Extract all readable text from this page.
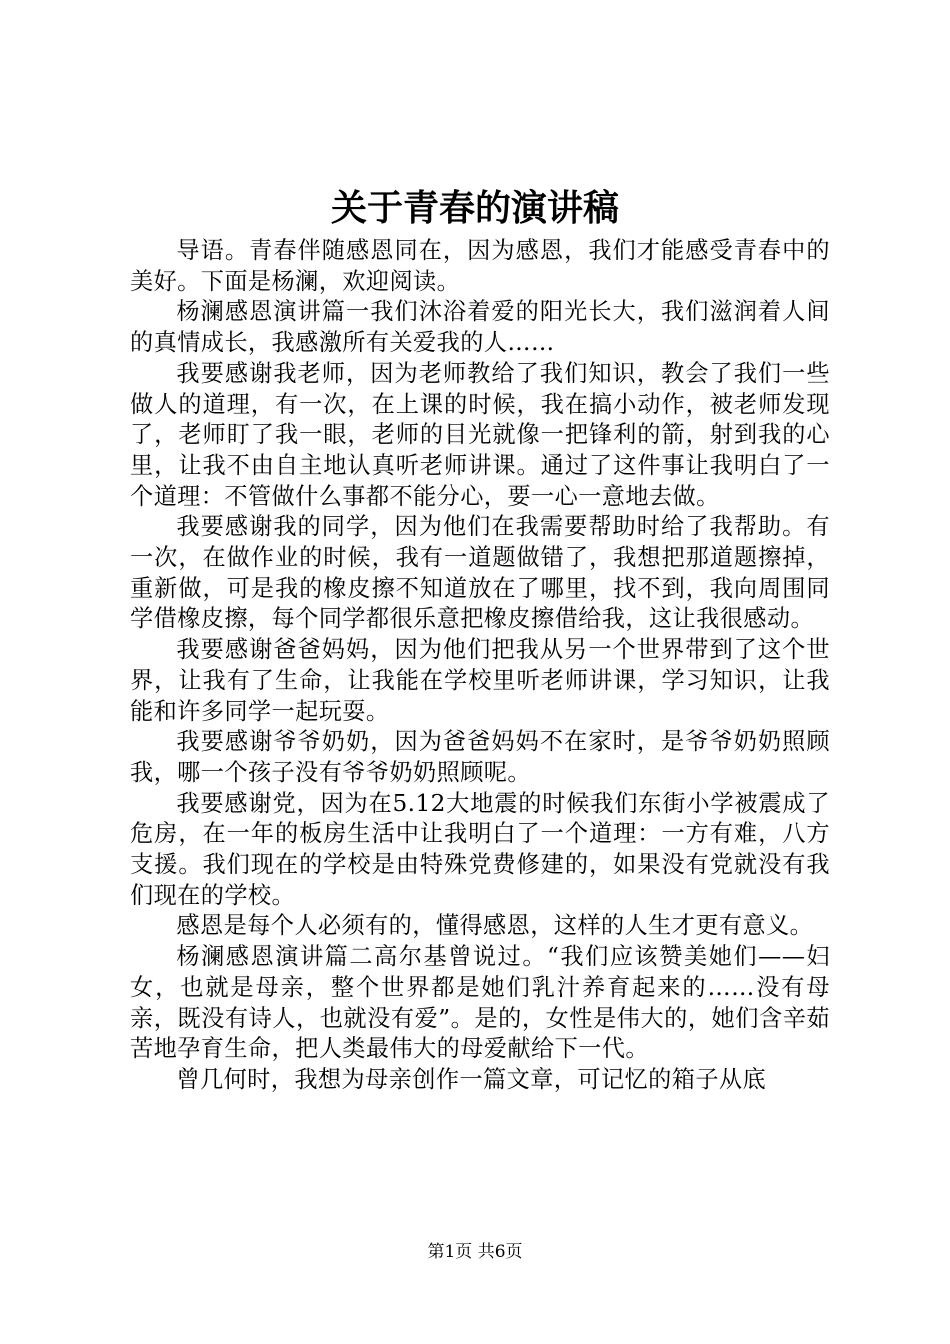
关于青春的演讲稿

导语。青春伴随感恩同在，因为感恩，我们才能感受青春中的美好。下面是杨澜，欢迎阅读。

杨澜感恩演讲篇一我们沐浴着爱的阳光长大，我们滋润着人间的真情成长，我感激所有关爱我的人……

我要感谢我老师，因为老师教给了我们知识，教会了我们一些做人的道理，有一次，在上课的时候，我在搞小动作，被老师发现了，老师盯了我一眼，老师的目光就像一把锋利的箭，射到我的心里，让我不由自主地认真听老师讲课。通过了这件事让我明白了一个道理：不管做什么事都不能分心，要一心一意地去做。

我要感谢我的同学，因为他们在我需要帮助时给了我帮助。有一次，在做作业的时候，我有一道题做错了，我想把那道题擦掉，重新做，可是我的橡皮擦不知道放在了哪里，找不到，我向周围同学借橡皮擦，每个同学都很乐意把橡皮擦借给我，这让我很感动。

我要感谢爸爸妈妈，因为他们把我从另一个世界带到了这个世界，让我有了生命，让我能在学校里听老师讲课，学习知识，让我能和许多同学一起玩耍。

我要感谢爷爷奶奶，因为爸爸妈妈不在家时，是爷爷奶奶照顾我，哪一个孩子没有爷爷奶奶照顾呢。

我要感谢党，因为在5.12大地震的时候我们东街小学被震成了危房，在一年的板房生活中让我明白了一个道理：一方有难，八方支援。我们现在的学校是由特殊党费修建的，如果没有党就没有我们现在的学校。

感恩是每个人必须有的，懂得感恩，这样的人生才更有意义。

杨澜感恩演讲篇二高尔基曾说过。“我们应该赞美她们——妇女，也就是母亲，整个世界都是她们乳汁养育起来的……没有母亲，既没有诗人，也就没有爱”。是的，女性是伟大的，她们含辛茹苦地孕育生命，把人类最伟大的母爱献给下一代。

曾几何时，我想为母亲创作一篇文章，可记忆的箱子从底

第1页 共6页
